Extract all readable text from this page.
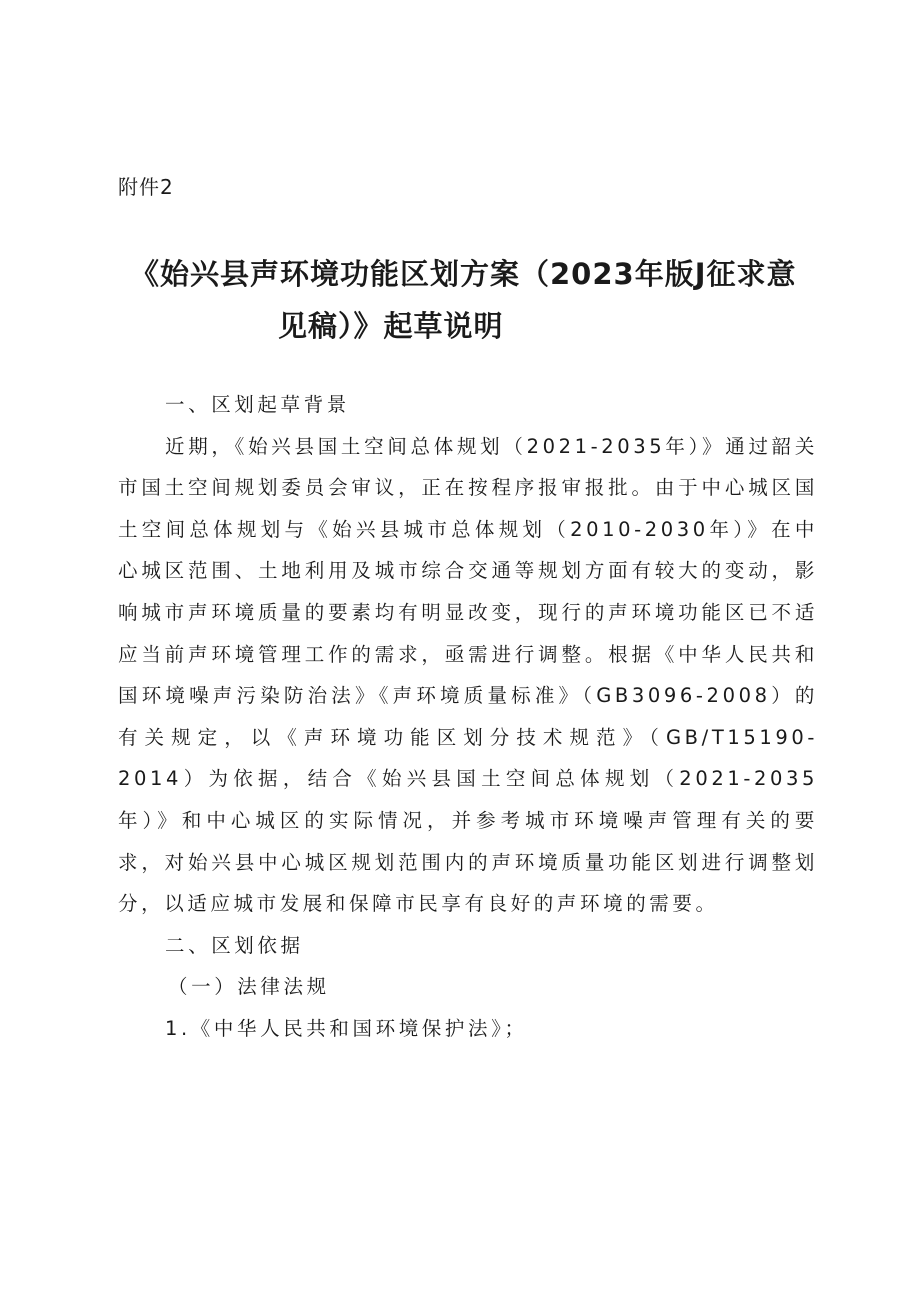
附件2
《始兴县声环境功能区划方案（2023年版J征求意
见稿）》起草说明

一、区划起草背景

近期，《始兴县国土空间总体规划（2021-2035年）》通过韶关市国土空间规划委员会审议，正在按程序报审报批。由于中心城区国土空间总体规划与《始兴县城市总体规划（2010-2030年）》在中心城区范围、土地利用及城市综合交通等规划方面有较大的变动，影响城市声环境质量的要素均有明显改变，现行的声环境功能区已不适应当前声环境管理工作的需求，亟需进行调整。根据《中华人民共和国环境噪声污染防治法》《声环境质量标准》（GB3096-2008）的有关规定，以《声环境功能区划分技术规范》（GB/T15190-2014）为依据，结合《始兴县国土空间总体规划（2021-2035年）》和中心城区的实际情况，并参考城市环境噪声管理有关的要求，对始兴县中心城区规划范围内的声环境质量功能区划进行调整划分，以适应城市发展和保障市民享有良好的声环境的需要。

二、区划依据

（一）法律法规

1.《中华人民共和国环境保护法》；
